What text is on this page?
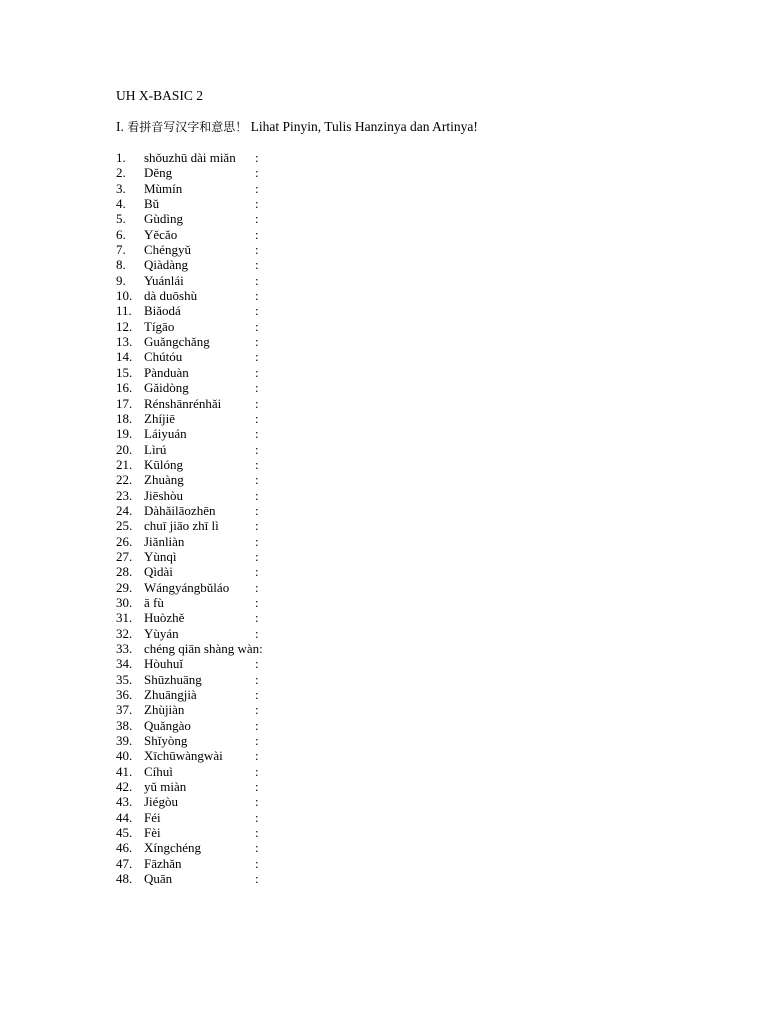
UH X-BASIC 2
I. 看拼音写汉字和意思！ Lihat Pinyin, Tulis Hanzinya dan Artinya!
1. shǒuzhū dài miǎn :
2. Děng	:
3. Mùmín	:
4. Bǔ	:
5. Gùdìng	:
6. Yěcǎo	:
7. Chéngyǔ	:
8. Qiàdàng	:
9. Yuánlái	:
10. dà duōshù	:
11. Biǎodá	:
12. Tígāo	:
13. Guǎngchǎng	:
14. Chútóu	:
15. Pànduàn	:
16. Gǎidòng	:
17. Rénshānrénhǎi	:
18. Zhíjiē	:
19. Láiyuán	:
20. Lìrú	:
21. Kūlóng	:
22. Zhuàng	:
23. Jiēshòu	:
24. Dàhǎilāozhēn	:
25. chuī jiāo zhī lì	:
26. Jiǎnliàn	:
27. Yùnqì	:
28. Qìdài	:
29. Wángyángbǔláo :
30. ā fù	:
31. Huòzhě	:
32. Yùyán	:
33. chéng qiān shàng wàn:
34. Hòuhuǐ	:
35. Shūzhuāng	:
36. Zhuāngjià	:
37. Zhùjiàn	:
38. Quǎngào	:
39. Shǐyòng	:
40. Xīchūwàngwài :
41. Cíhuì	:
42. yǔ miàn	:
43. Jiégòu	:
44. Féi	:
45. Fèi	:
46. Xíngchéng	:
47. Fāzhǎn	:
48. Quān	:
